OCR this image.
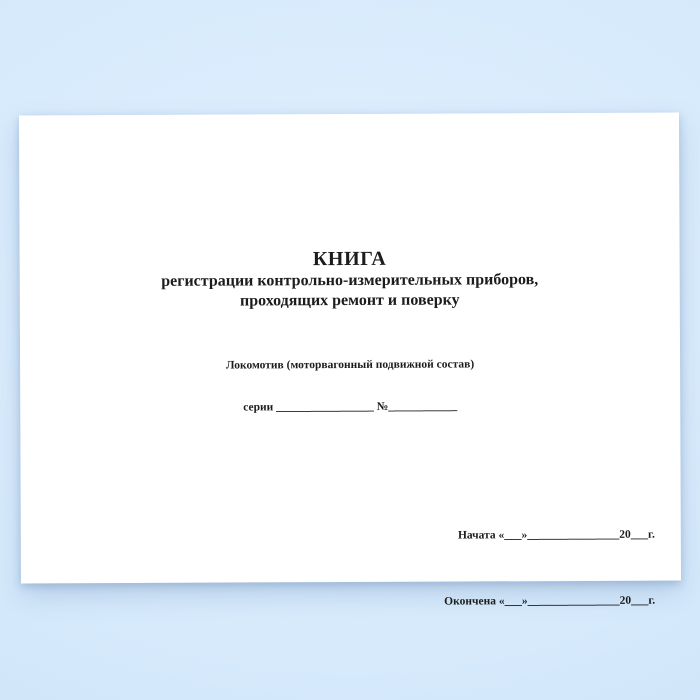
КНИГА
регистрации контрольно-измерительных приборов,
проходящих ремонт и поверку

Локомотив (моторвагонный подвижной состав)

серии _________________ №____________

Начата «___»________________20___г.

Окончена «___»________________20___г.
